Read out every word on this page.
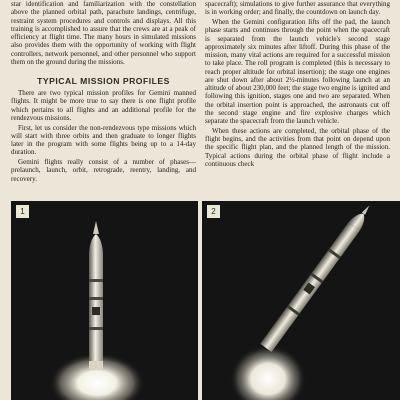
star identification and familiarization with the constellation above the planned orbital path, parachute landings, centrifuge, restraint system procedures and controls and displays. All this training is accomplished to assure that the crews are at a peak of efficiency at flight time. The many hours in simulated missions also provides them with the opportunity of working with flight controllers, network personnel, and other personnel who support them on the ground during the missions.

TYPICAL MISSION PROFILES

There are two typical mission profiles for Gemini manned flights. It might be more true to say there is one flight profile which pertains to all flights and an additional profile for the rendezvous missions.

First, let us consider the non-rendezvous type missions which will start with three orbits and then graduate to longer flights later in the program with some flights being up to a 14-day duration.

Gemini flights really consist of a number of phases—prelaunch, launch, orbit, retrograde, reentry, landing, and recovery.

spacecraft); simulations to give further assurance that everything is in working order; and finally, the countdown on launch day.

When the Gemini configuration lifts off the pad, the launch phase starts and continues through the point when the spacecraft is separated from the launch vehicle's second stage approximately six minutes after liftoff. During this phase of the mission, many vital actions are required for a successful mission to take place. The roll program is completed (this is necessary to reach proper altitude for orbital insertion); the stage one engines are shut down after about 2½-minutes following launch at an altitude of about 230,000 feet; the stage two engine is ignited and following this ignition, stages one and two are separated. When the orbital insertion point is approached, the astronauts cut off the second stage engine and fire explosive charges which separate the spacecraft from the launch vehicle.

When these actions are completed, the orbital phase of the flight begins, and the activities from that point on depend upon the specific flight plan, and the planned length of the mission. Typical actions during the orbital phase of flight include a continuous check

1	2
